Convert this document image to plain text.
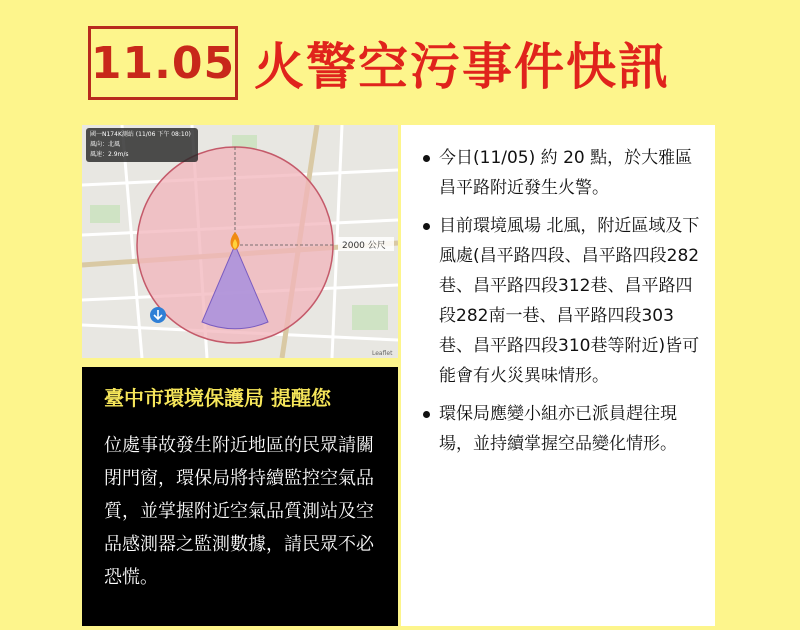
11.05 火警空污事件快訊
2000 公尺
Leaflet
國一N174K測站 (11/06 下午 08:10)
風向：北風
風速：2.9m/s
臺中市環境保護局 提醒您

位處事故發生附近地區的民眾請關閉門窗，環保局將持續監控空氣品質，並掌握附近空氣品質測站及空品感測器之監測數據，請民眾不必恐慌。

今日(11/05) 約 20 點，於大雅區昌平路附近發生火警。
目前環境風場 北風，附近區域及下風處(昌平路四段、昌平路四段282巷、昌平路四段312巷、昌平路四段282南一巷、昌平路四段303巷、昌平路四段310巷等附近)皆可能會有火災異味情形。
環保局應變小組亦已派員趕往現場，並持續掌握空品變化情形。
